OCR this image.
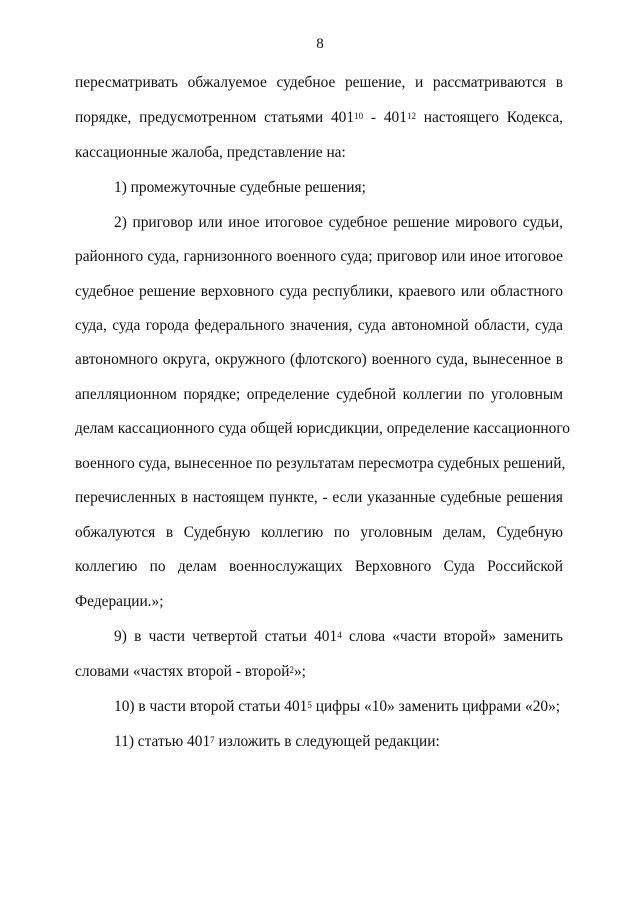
8
пересматривать обжалуемое судебное решение, и рассматриваются в
порядке, предусмотренном статьями $401^{10} - 401^{12}$ настоящего Кодекса,
кассационные жалоба, представление на:
1) промежуточные судебные решения;
2) приговор или иное итоговое судебное решение мирового судьи,
районного суда, гарнизонного военного суда; приговор или иное итоговое
судебное решение верховного суда республики, краевого или областного
суда, суда города федерального значения, суда автономной области, суда
автономного округа, окружного (флотского) военного суда, вынесенное в
апелляционном порядке; определение судебной коллегии по уголовным
делам кассационного суда общей юрисдикции, определение кассационного
военного суда, вынесенное по результатам пересмотра судебных решений,
перечисленных в настоящем пункте, - если указанные судебные решения
обжалуются в Судебную коллегию по уголовным делам, Судебную
коллегию по делам военнослужащих Верховного Суда Российской
Федерации.»;
9) в части четвертой статьи $401^4$ слова «части второй» заменить
словами «частях второй - второй$^2$»;
10) в части второй статьи $401^5$ цифры «10» заменить цифрами «20»;
11) статью $401^7$ изложить в следующей редакции:
